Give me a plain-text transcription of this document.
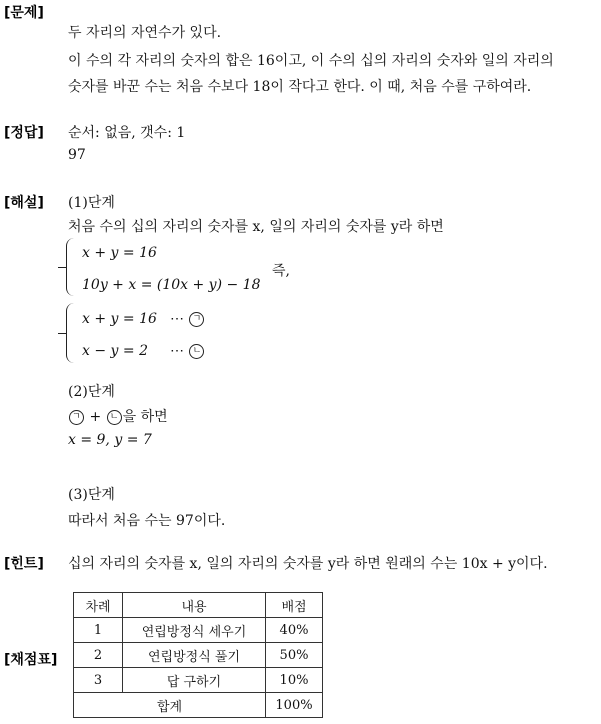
[문제]
두 자리의 자연수가 있다.
이 수의 각 자리의 숫자의 합은 16이고, 이 수의 십의 자리의 숫자와 일의 자리의
숫자를 바꾼 수는 처음 수보다 18이 작다고 한다. 이 때, 처음 수를 구하여라.
[정답] 순서: 없음, 갯수: 1
97
[해설] (1)단계
처음 수의 십의 자리의 숫자를 x, 일의 자리의 숫자를 y라 하면
x + y = 16
10y + x = (10x + y) − 18
즉,
x + y = 16 ⋯ ㄱ
x − y = 2 ⋯ ㄴ
(2)단계
ㄱ + ㄴ 을 하면
x = 9, y = 7
(3)단계
따라서 처음 수는 97이다.
[힌트] 십의 자리의 숫자를 x, 일의 자리의 숫자를 y라 하면 원래의 수는 10x + y이다.
[채점표]
차례	내용	배점
1	연립방정식 세우기	40%
2	연립방정식 풀기	50%
3	답 구하기	10%
합계		100%
